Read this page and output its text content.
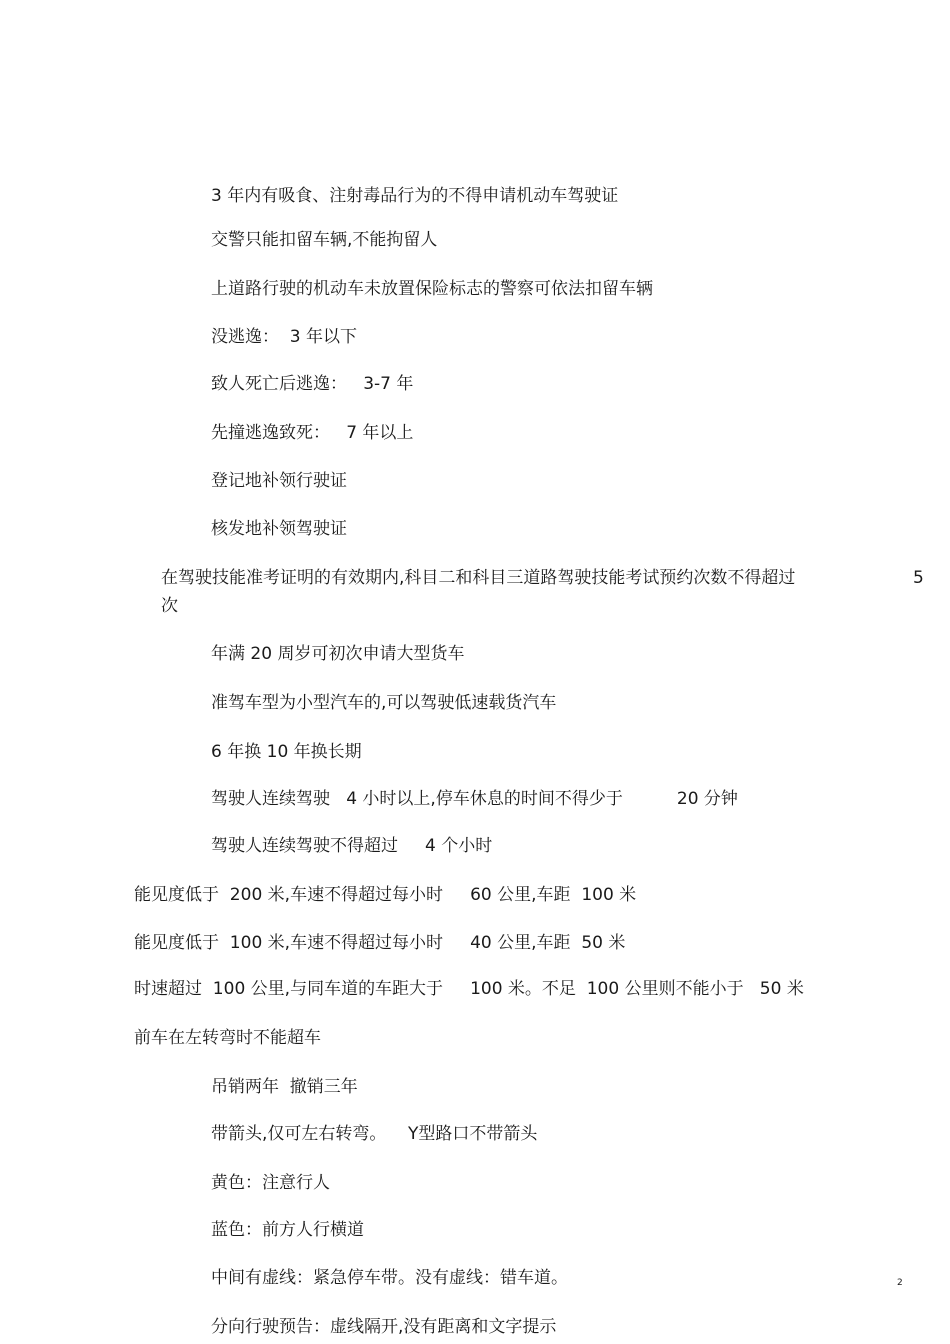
3 年内有吸食、注射毒品行为的不得申请机动车驾驶证

交警只能扣留车辆,不能拘留人

上道路行驶的机动车未放置保险标志的警察可依法扣留车辆

没逃逸：  3 年以下

致人死亡后逃逸：   3-7 年

先撞逃逸致死：   7 年以上

登记地补领行驶证

核发地补领驾驶证

在驾驶技能准考证明的有效期内,科目二和科目三道路驾驶技能考试预约次数不得超过	5

次

年满 20 周岁可初次申请大型货车

准驾车型为小型汽车的,可以驾驶低速载货汽车

6 年换 10 年换长期

驾驶人连续驾驶   4 小时以上,停车休息的时间不得少于          20 分钟

驾驶人连续驾驶不得超过     4 个小时

能见度低于  200 米,车速不得超过每小时     60 公里,车距  100 米

能见度低于  100 米,车速不得超过每小时     40 公里,车距  50 米

时速超过  100 公里,与同车道的车距大于     100 米。不足  100 公里则不能小于   50 米

前车在左转弯时不能超车

吊销两年  撤销三年

带箭头,仅可左右转弯。    Y型路口不带箭头

黄色：注意行人

蓝色：前方人行横道

中间有虚线：紧急停车带。没有虚线：错车道。

分向行驶预告：虚线隔开,没有距离和文字提示

2
